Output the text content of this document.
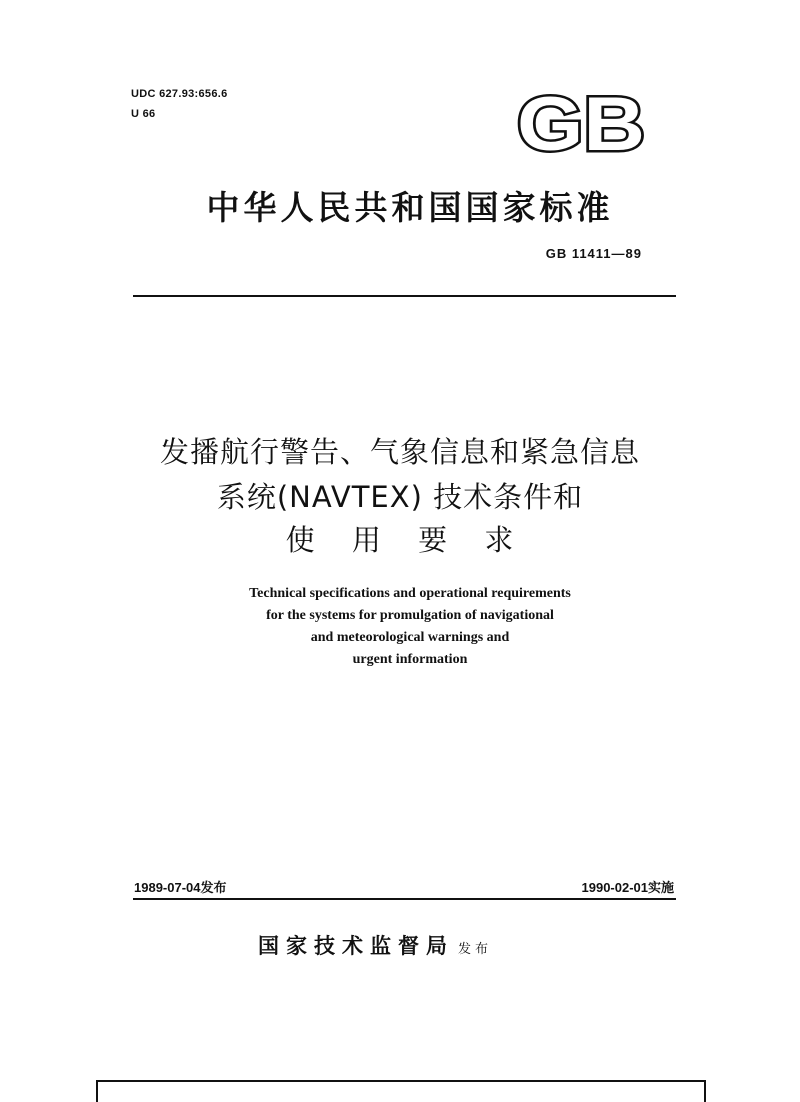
UDC 627.93:656.6
U 66	GB
中华人民共和国国家标准
GB 11411—89
发播航行警告、气象信息和紧急信息
系统(NAVTEX) 技术条件和
使 用 要 求
Technical specifications and operational requirements
for the systems for promulgation of navigational
and meteorological warnings and
urgent information
1989-07-04发布	1990-02-01实施
国家技术监督局 发布
